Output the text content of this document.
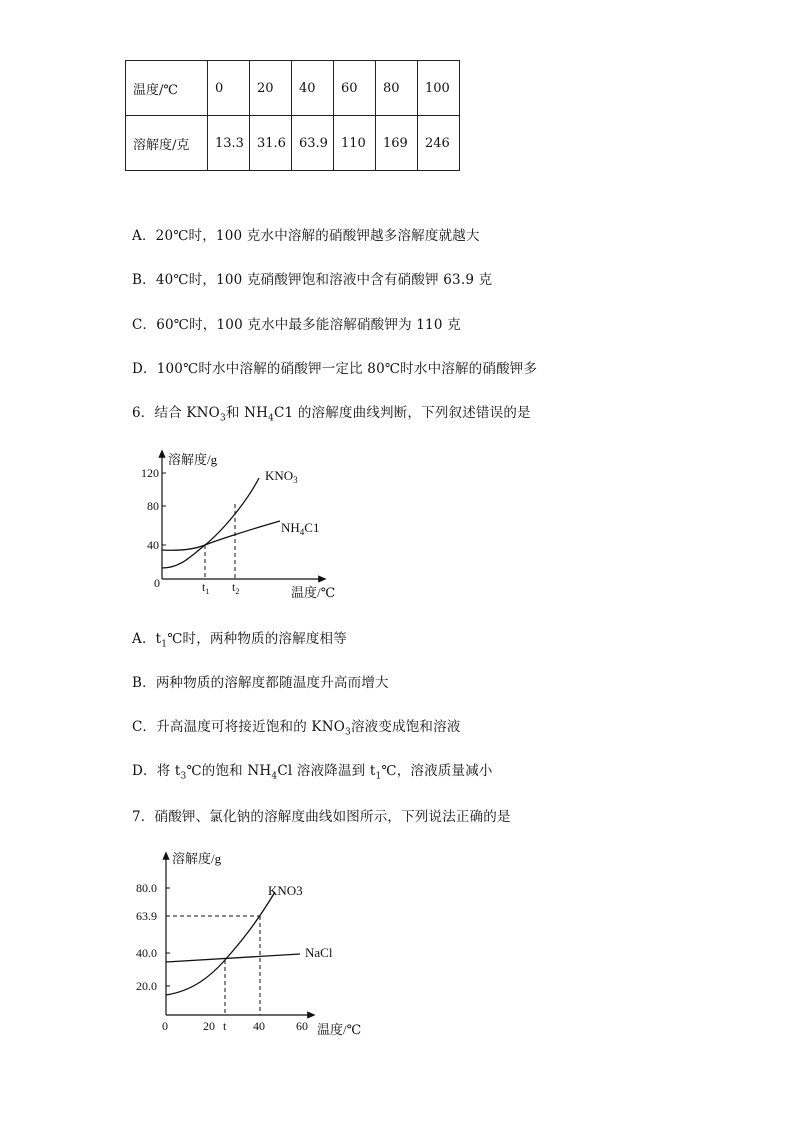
温度/℃	0	20	40	60	80	100
溶解度/克	13.3	31.6	63.9	110	169	246
A．20℃时，100 克水中溶解的硝酸钾越多溶解度就越大
B．40℃时，100 克硝酸钾饱和溶液中含有硝酸钾 63.9 克
C．60℃时，100 克水中最多能溶解硝酸钾为 110 克
D．100℃时水中溶解的硝酸钾一定比 80℃时水中溶解的硝酸钾多
6．结合 $KNO_3$和 $NH_4C1$ 的溶解度曲线判断，下列叙述错误的是
溶解度/g
120
80
40
0	$t_1$ $t_2$	温度/℃
$KNO_3$
$NH_4C1$
A．$t_1℃$时，两种物质的溶解度相等
B．两种物质的溶解度都随温度升高而增大
C．升高温度可将接近饱和的 $KNO_3$溶液变成饱和溶液
D．将 $t_3℃$的饱和 $NH_4Cl$ 溶液降温到 $t_1℃$，溶液质量减小
7．硝酸钾、氯化钠的溶解度曲线如图所示，下列说法正确的是
溶解度/g
80.0
63.9
40.0
20.0
KNO3
NaCl
0	20 t 40	60 温度/℃
